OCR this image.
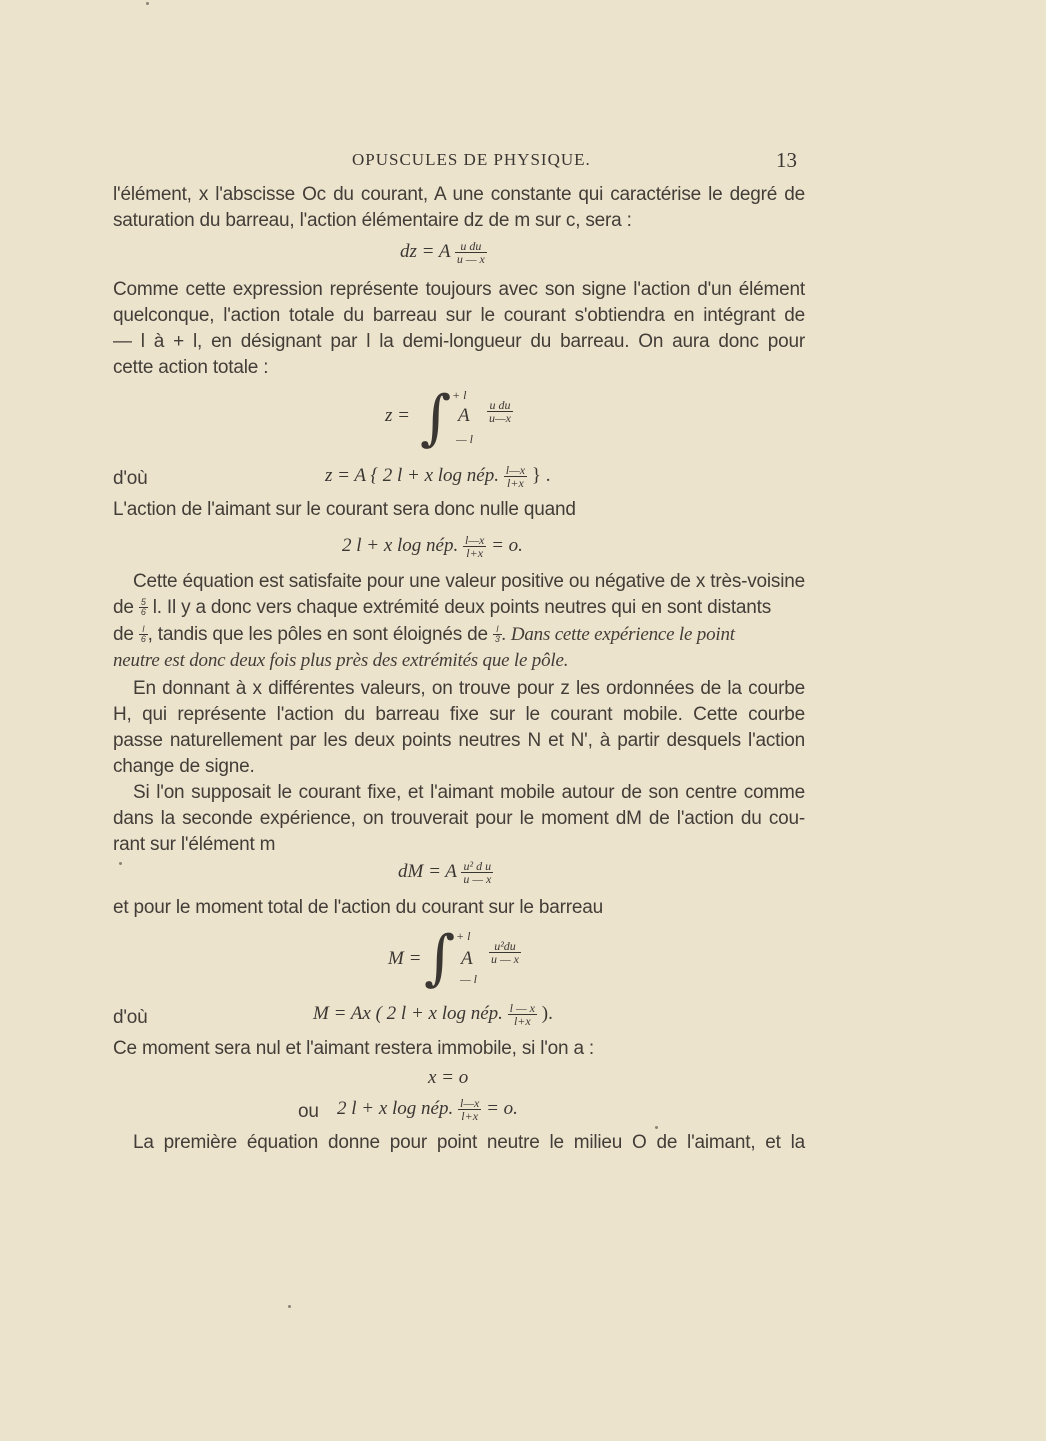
OPUSCULES DE PHYSIQUE.	13
l'élément, x l'abscisse Oc du courant, A une constante qui caractérise le degré de
saturation du barreau, l'action élémentaire dz de m sur c, sera :
dz = A $\frac{\text{u du}}{u — x}$
Comme cette expression représente toujours avec son signe l'action d'un élément
quelconque, l'action totale du barreau sur le courant s'obtiendra en intégrant de
— l à + l, en désignant par l la demi-longueur du barreau. On aura donc pour
cette action totale :
z = ∫ + l
— l
A $\frac{\text{u du}}{u—x}$
d'où	z = A { 2 l + x log nép. $\frac{l—x}{l+x}$ } .
L'action de l'aimant sur le courant sera donc nulle quand
2 l + x log nép. $\frac{l—x}{l+x} = o$.
Cette équation est satisfaite pour une valeur positive ou négative de x très-voisine
de $\frac{5}{6} l$. Il y a donc vers chaque extrémité deux points neutres qui en sont distants
de $\frac{l}{6}$ , tandis que les pôles en sont éloignés de $\frac{l}{3}$ . Dans cette expérience le point
neutre est donc deux fois plus près des extrémités que le pôle.
En donnant à x différentes valeurs, on trouve pour z les ordonnées de la courbe
H, qui représente l'action du barreau fixe sur le courant mobile. Cette courbe
passe naturellement par les deux points neutres N et N', à partir desquels l'action
change de signe.
Si l'on supposait le courant fixe, et l'aimant mobile autour de son centre comme
dans la seconde expérience, on trouverait pour le moment dM de l'action du cou-
rant sur l'élément m
dM = A $\frac{\text{u² d u}}{u — x}$
et pour le moment total de l'action du courant sur le barreau
M = ∫ + l
— l
A $\frac{\text{u²du}}{u — x}$
d'où	M = Ax ( 2 l + x log nép. $\frac{l — x}{l+x}$ ).
Ce moment sera nul et l'aimant restera immobile, si l'on a :
x = o
ou 2 l + x log nép. $\frac{l—x}{l+x} = o$.
La première équation donne pour point neutre le milieu O de l'aimant, et la
